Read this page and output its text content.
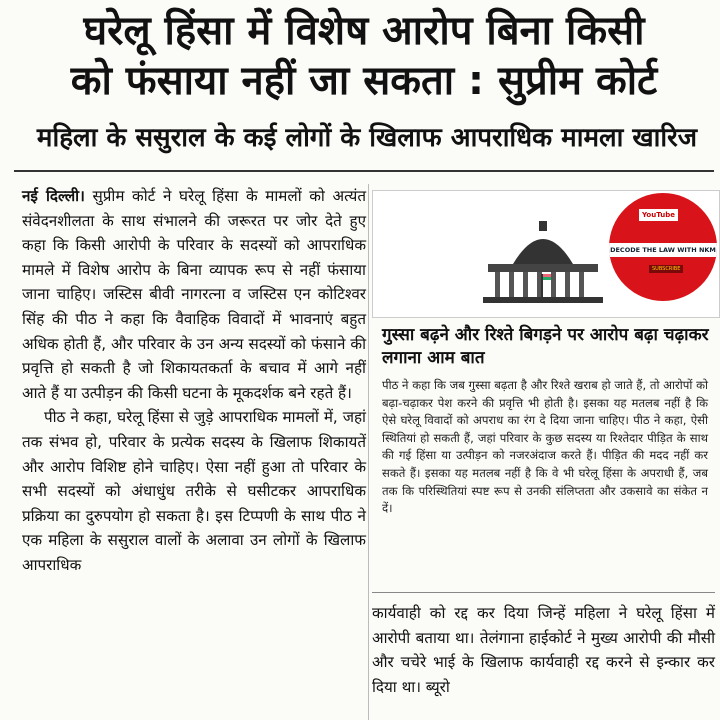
घरेलू हिंसा में विशेष आरोप बिना किसी
को फंसाया नहीं जा सकता : सुप्रीम कोर्ट
महिला के ससुराल के कई लोगों के खिलाफ आपराधिक मामला खारिज

नई दिल्ली। सुप्रीम कोर्ट ने घरेलू हिंसा के मामलों को अत्यंत संवेदनशीलता के साथ संभालने की जरूरत पर जोर देते हुए कहा कि किसी आरोपी के परिवार के सदस्यों को आपराधिक मामले में विशेष आरोप के बिना व्यापक रूप से नहीं फंसाया जाना चाहिए। जस्टिस बीवी नागरत्ना व जस्टिस एन कोटिश्वर सिंह की पीठ ने कहा कि वैवाहिक विवादों में भावनाएं बहुत अधिक होती हैं, और परिवार के उन अन्य सदस्यों को फंसाने की प्रवृत्ति हो सकती है जो शिकायतकर्ता के बचाव में आगे नहीं आते हैं या उत्पीड़न की किसी घटना के मूकदर्शक बने रहते हैं।

पीठ ने कहा, घरेलू हिंसा से जुड़े आपराधिक मामलों में, जहां तक संभव हो, परिवार के प्रत्येक सदस्य के खिलाफ शिकायतें और आरोप विशिष्ट होने चाहिए। ऐसा नहीं हुआ तो परिवार के सभी सदस्यों को अंधाधुंध तरीके से घसीटकर आपराधिक प्रक्रिया का दुरुपयोग हो सकता है। इस टिप्पणी के साथ पीठ ने एक महिला के ससुराल वालों के अलावा उन लोगों के खिलाफ आपराधिक

YouTube
DECODE THE LAW WITH NKM
SUBSCRIBE
गुस्सा बढ़ने और रिश्ते बिगड़ने पर आरोप बढ़ा चढ़ाकर लगाना आम बात
पीठ ने कहा कि जब गुस्सा बढ़ता है और रिश्ते खराब हो जाते हैं, तो आरोपों को बढ़ा-चढ़ाकर पेश करने की प्रवृत्ति भी होती है। इसका यह मतलब नहीं है कि ऐसे घरेलू विवादों को अपराध का रंग दे दिया जाना चाहिए। पीठ ने कहा, ऐसी स्थितियां हो सकती हैं, जहां परिवार के कुछ सदस्य या रिश्तेदार पीड़ित के साथ की गई हिंसा या उत्पीड़न को नजरअंदाज करते हैं। पीड़ित की मदद नहीं कर सकते हैं। इसका यह मतलब नहीं है कि वे भी घरेलू हिंसा के अपराधी हैं, जब तक कि परिस्थितियां स्पष्ट रूप से उनकी संलिप्तता और उकसावे का संकेत न दें।
कार्यवाही को रद्द कर दिया जिन्हें महिला ने घरेलू हिंसा में आरोपी बताया था। तेलंगाना हाईकोर्ट ने मुख्य आरोपी की मौसी और चचेरे भाई के खिलाफ कार्यवाही रद्द करने से इन्कार कर दिया था। ब्यूरो
